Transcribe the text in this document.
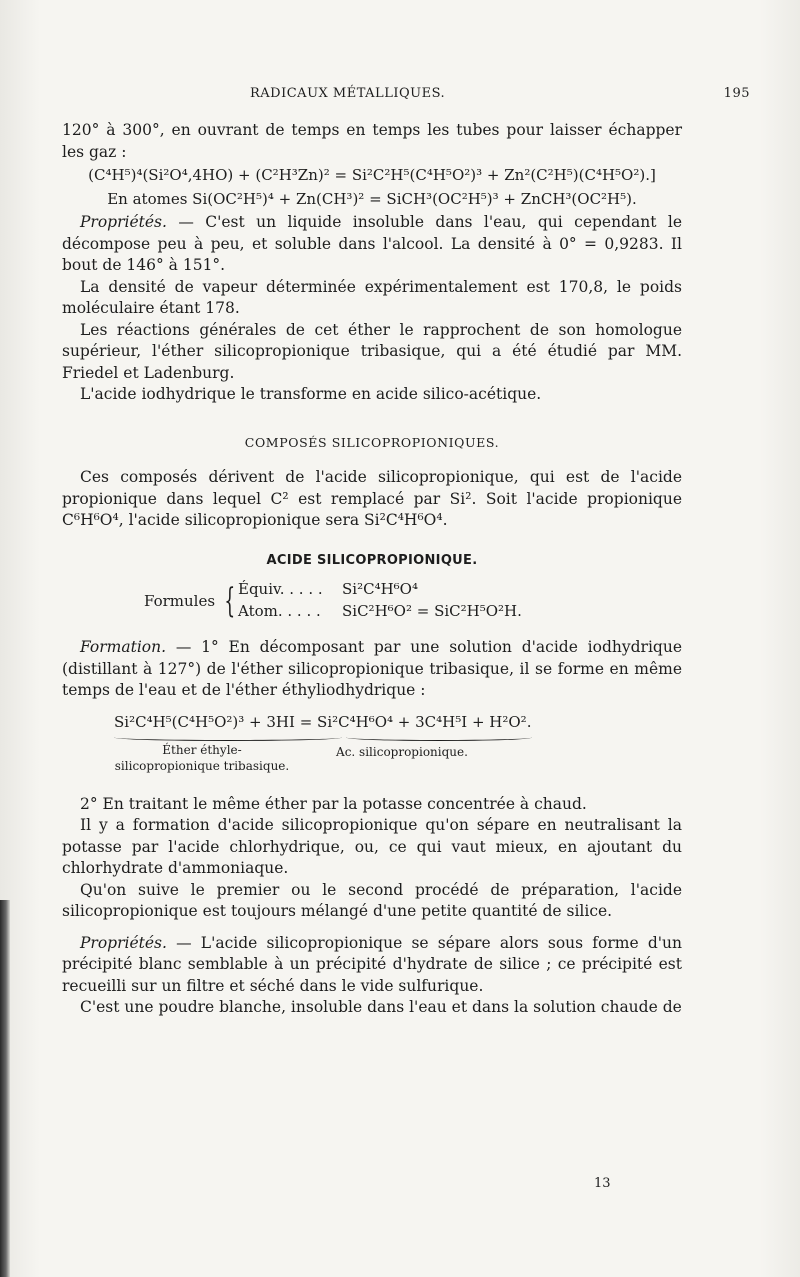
RADICAUX MÉTALLIQUES.	195

120° à 300°, en ouvrant de temps en temps les tubes pour laisser échapper les gaz :

(C⁴H⁵)⁴(Si²O⁴,4HO) + (C²H³Zn)² = Si²C²H⁵(C⁴H⁵O²)³ + Zn²(C²H⁵)(C⁴H⁵O²).]
En atomes Si(OC²H⁵)⁴ + Zn(CH³)² = SiCH³(OC²H⁵)³ + ZnCH³(OC²H⁵).

Propriétés. — C'est un liquide insoluble dans l'eau, qui cependant le décompose peu à peu, et soluble dans l'alcool. La densité à 0° = 0,9283. Il bout de 146° à 151°.

La densité de vapeur déterminée expérimentalement est 170,8, le poids moléculaire étant 178.

Les réactions générales de cet éther le rapprochent de son homologue supérieur, l'éther silicopropionique tribasique, qui a été étudié par MM. Friedel et Ladenburg.

L'acide iodhydrique le transforme en acide silico-acétique.

COMPOSÉS SILICOPROPIONIQUES.

Ces composés dérivent de l'acide silicopropionique, qui est de l'acide propionique dans lequel C² est remplacé par Si². Soit l'acide propionique C⁶H⁶O⁴, l'acide silicopropionique sera Si²C⁴H⁶O⁴.

ACIDE SILICOPROPIONIQUE.
Formules { Équiv. . . . . Si²C⁴H⁶O⁴
Atom. . . . . SiC²H⁶O² = SiC²H⁵O²H.

Formation. — 1° En décomposant par une solution d'acide iodhydrique (distillant à 127°) de l'éther silicopropionique tribasique, il se forme en même temps de l'eau et de l'éther éthyliodhydrique :

Si²C⁴H⁵(C⁴H⁵O²)³ + 3HI = Si²C⁴H⁶O⁴ + 3C⁴H⁵I + H²O².
Éther éthyle-
silicopropionique tribasique.
Ac. silicopropionique.

2° En traitant le même éther par la potasse concentrée à chaud.

Il y a formation d'acide silicopropionique qu'on sépare en neutralisant la potasse par l'acide chlorhydrique, ou, ce qui vaut mieux, en ajoutant du chlorhydrate d'ammoniaque.

Qu'on suive le premier ou le second procédé de préparation, l'acide silicopropionique est toujours mélangé d'une petite quantité de silice.

Propriétés. — L'acide silicopropionique se sépare alors sous forme d'un précipité blanc semblable à un précipité d'hydrate de silice ; ce précipité est recueilli sur un filtre et séché dans le vide sulfurique.

C'est une poudre blanche, insoluble dans l'eau et dans la solution chaude de

13
